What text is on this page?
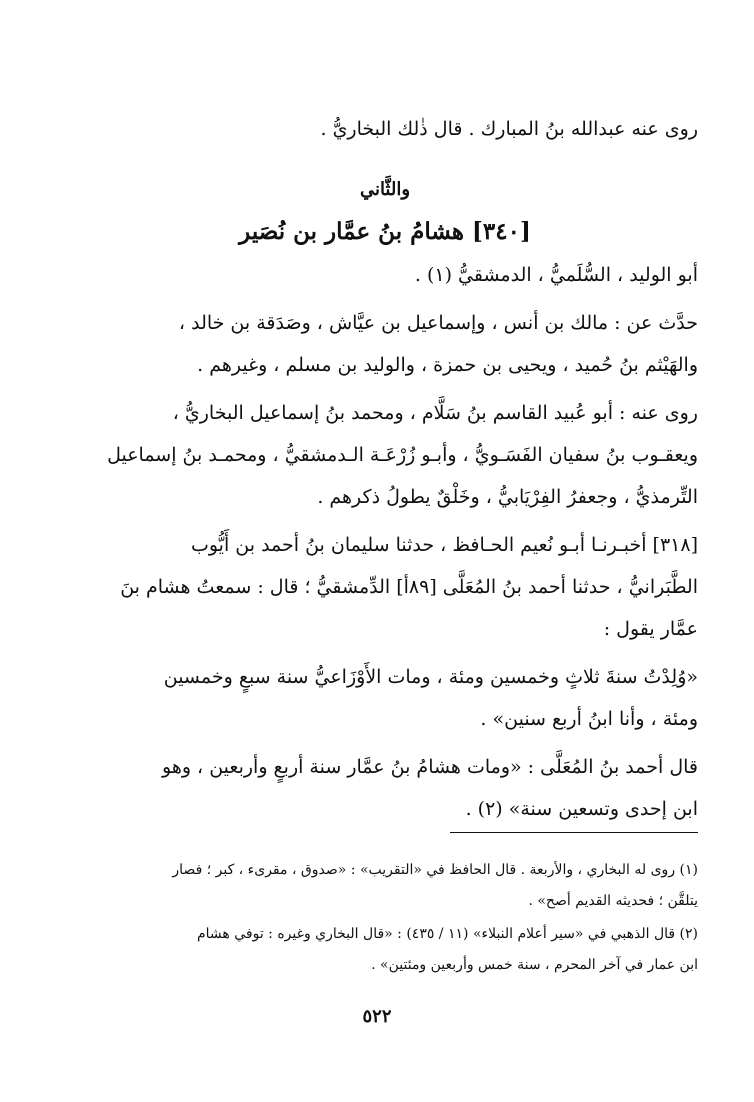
روى عنه عبدالله بنُ المبارك . قال ذٰلك البخاريُّ .

والثَّاني

[٣٤٠] هشامُ بنُ عمَّار بن نُصَير

أبو الوليد ، السُّلَميُّ ، الدمشقيُّ (١) .

حدَّث عن : مالك بن أنس ، وإسماعيل بن عيَّاش ، وصَدَقة بن خالد ،

والهَيْثم بنُ حُميد ، ويحيى بن حمزة ، والوليد بن مسلم ، وغيرهم .

روى عنه : أبو عُبيد القاسم بنُ سَلَّام ، ومحمد بنُ إسماعيل البخاريُّ ،

ويعقـوب بنُ سفيان الفَسَـويُّ ، وأبـو زُرْعَـة الـدمشقيُّ ، ومحمـد بنُ إسماعيل

التِّرمذيُّ ، وجعفرُ الفِرْيَابيُّ ، وخَلْقٌ يطولُ ذكرهم .

[٣١٨] أخبـرنـا أبـو نُعيم الحـافظ ، حدثنا سليمان بنُ أحمد بن أَيُّوب

الطَّبَرانيُّ ، حدثنا أحمد بنُ المُعَلَّى [٨٩أ] الدِّمشقيُّ ؛ قال : سمعتُ هشام بنَ

عمَّار يقول :

«وُلِدْتُ سنةَ ثلاثٍ وخمسين ومئة ، ومات الأَوْزَاعيُّ سنة سبعٍ وخمسين

ومئة ، وأنا ابنُ أربع سنين» .

قال أحمد بنُ المُعَلَّى : «ومات هشامُ بنُ عمَّار سنة أربعٍ وأربعين ، وهو

ابن إحدى وتسعين سنة» (٢) .

(١) روى له البخاري ، والأربعة . قال الحافظ في «التقريب» : «صدوق ، مقرىء ، كبر ؛ فصار

يتلقَّن ؛ فحديثه القديم أصح» .

(٢) قال الذهبي في «سير أعلام النبلاء» (١١ / ٤٣٥) : «قال البخاري وغيره : توفي هشام

ابن عمار في آخر المحرم ، سنة خمس وأربعين ومئتين» .

٥٢٢
